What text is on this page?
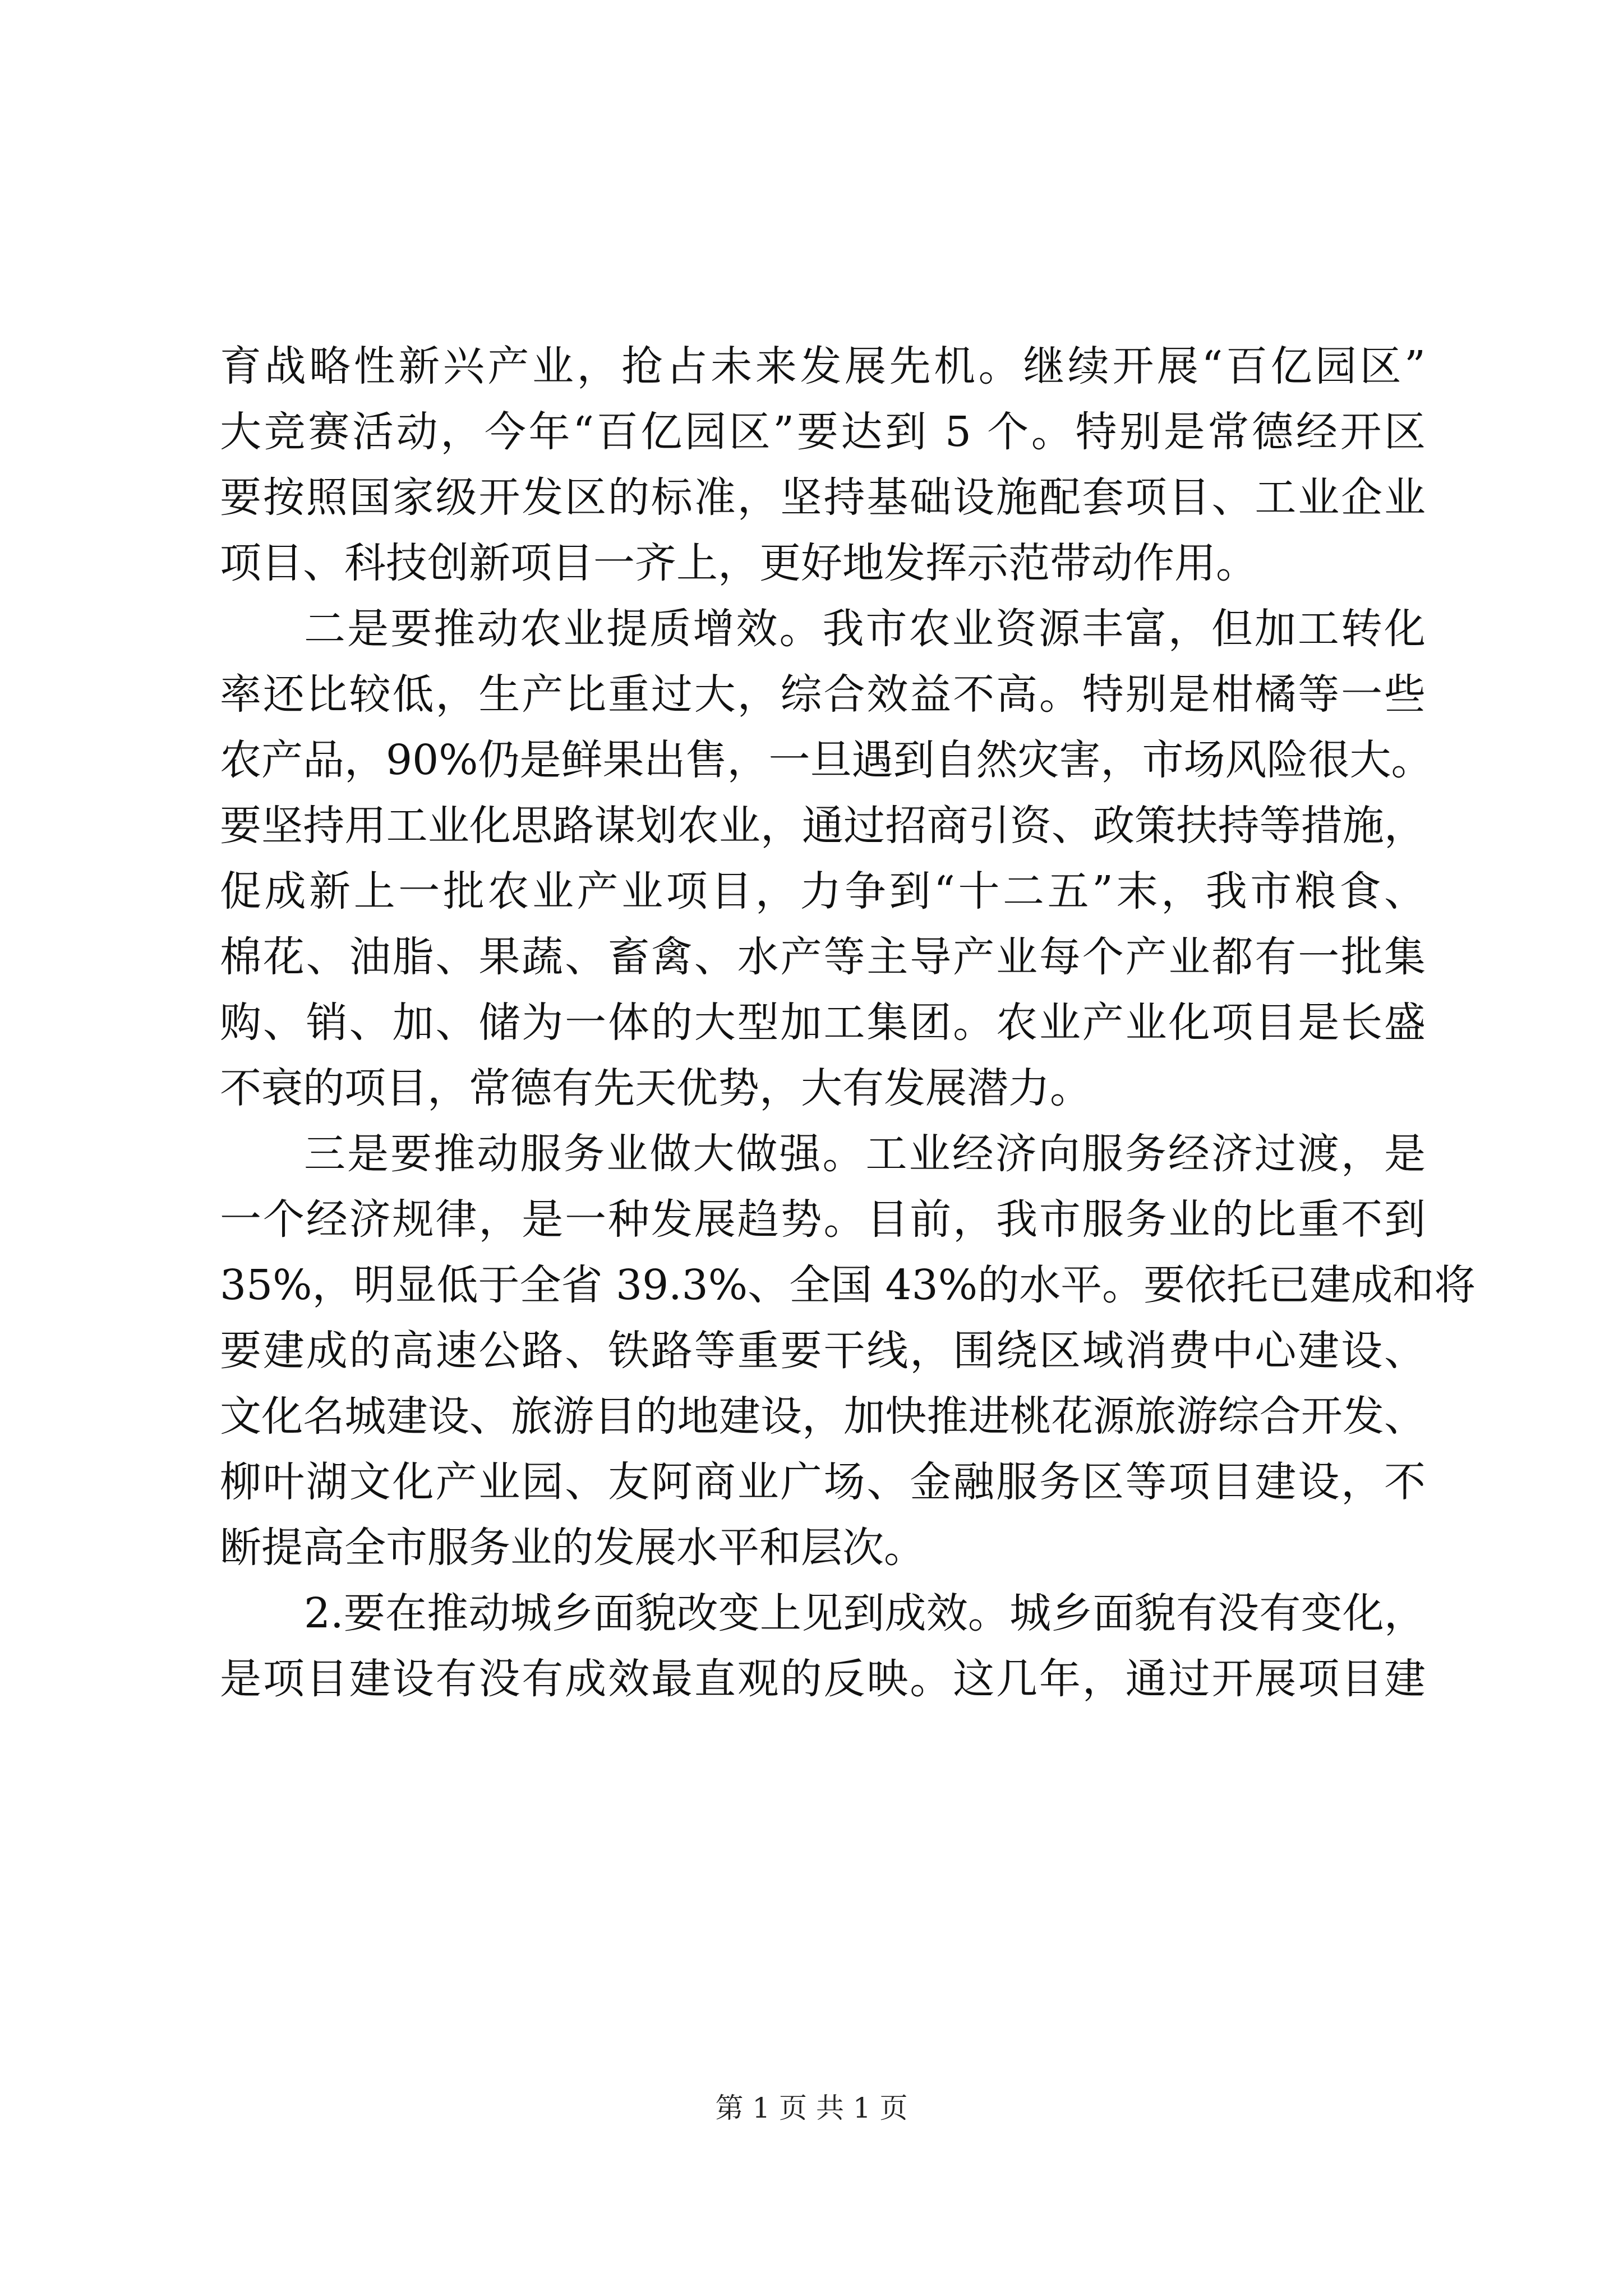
育战略性新兴产业，抢占未来发展先机。继续开展“百亿园区”
大竞赛活动，今年“百亿园区”要达到 5 个。特别是常德经开区
要按照国家级开发区的标准，坚持基础设施配套项目、工业企业
项目、科技创新项目一齐上，更好地发挥示范带动作用。
二是要推动农业提质增效。我市农业资源丰富，但加工转化
率还比较低，生产比重过大，综合效益不高。特别是柑橘等一些
农产品，90%仍是鲜果出售，一旦遇到自然灾害，市场风险很大。
要坚持用工业化思路谋划农业，通过招商引资、政策扶持等措施，
促成新上一批农业产业项目，力争到“十二五”末，我市粮食、
棉花、油脂、果蔬、畜禽、水产等主导产业每个产业都有一批集
购、销、加、储为一体的大型加工集团。农业产业化项目是长盛
不衰的项目，常德有先天优势，大有发展潜力。
三是要推动服务业做大做强。工业经济向服务经济过渡，是
一个经济规律，是一种发展趋势。目前，我市服务业的比重不到
35%，明显低于全省 39.3%、全国 43%的水平。要依托已建成和将
要建成的高速公路、铁路等重要干线，围绕区域消费中心建设、
文化名城建设、旅游目的地建设，加快推进桃花源旅游综合开发、
柳叶湖文化产业园、友阿商业广场、金融服务区等项目建设，不
断提高全市服务业的发展水平和层次。
2.要在推动城乡面貌改变上见到成效。城乡面貌有没有变化，
是项目建设有没有成效最直观的反映。这几年，通过开展项目建
第 1 页 共 1 页
